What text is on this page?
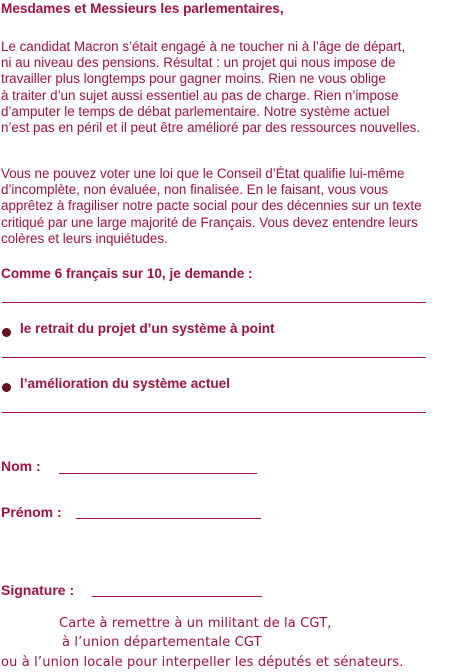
Mesdames et Messieurs les parlementaires,
Le candidat Macron s’était engagé à ne toucher ni à l’âge de départ,
ni au niveau des pensions. Résultat : un projet qui nous impose de
travailler plus longtemps pour gagner moins. Rien ne vous oblige
à traiter d’un sujet aussi essentiel au pas de charge. Rien n’impose
d’amputer le temps de débat parlementaire. Notre système actuel
n’est pas en péril et il peut être amélioré par des ressources nouvelles.
Vous ne pouvez voter une loi que le Conseil d’État qualifie lui-même
d’incomplète, non évaluée, non finalisée. En le faisant, vous vous
apprêtez à fragiliser notre pacte social pour des décennies sur un texte
critiqué par une large majorité de Français. Vous devez entendre leurs
colères et leurs inquiétudes.
Comme 6 français sur 10, je demande :
le retrait du projet d’un système à point
l’amélioration du système actuel
Nom :
Prénom :
Signature :
Carte à remettre à un militant de la CGT,
à l’union départementale CGT
ou à l’union locale pour interpeller les députés et sénateurs.
